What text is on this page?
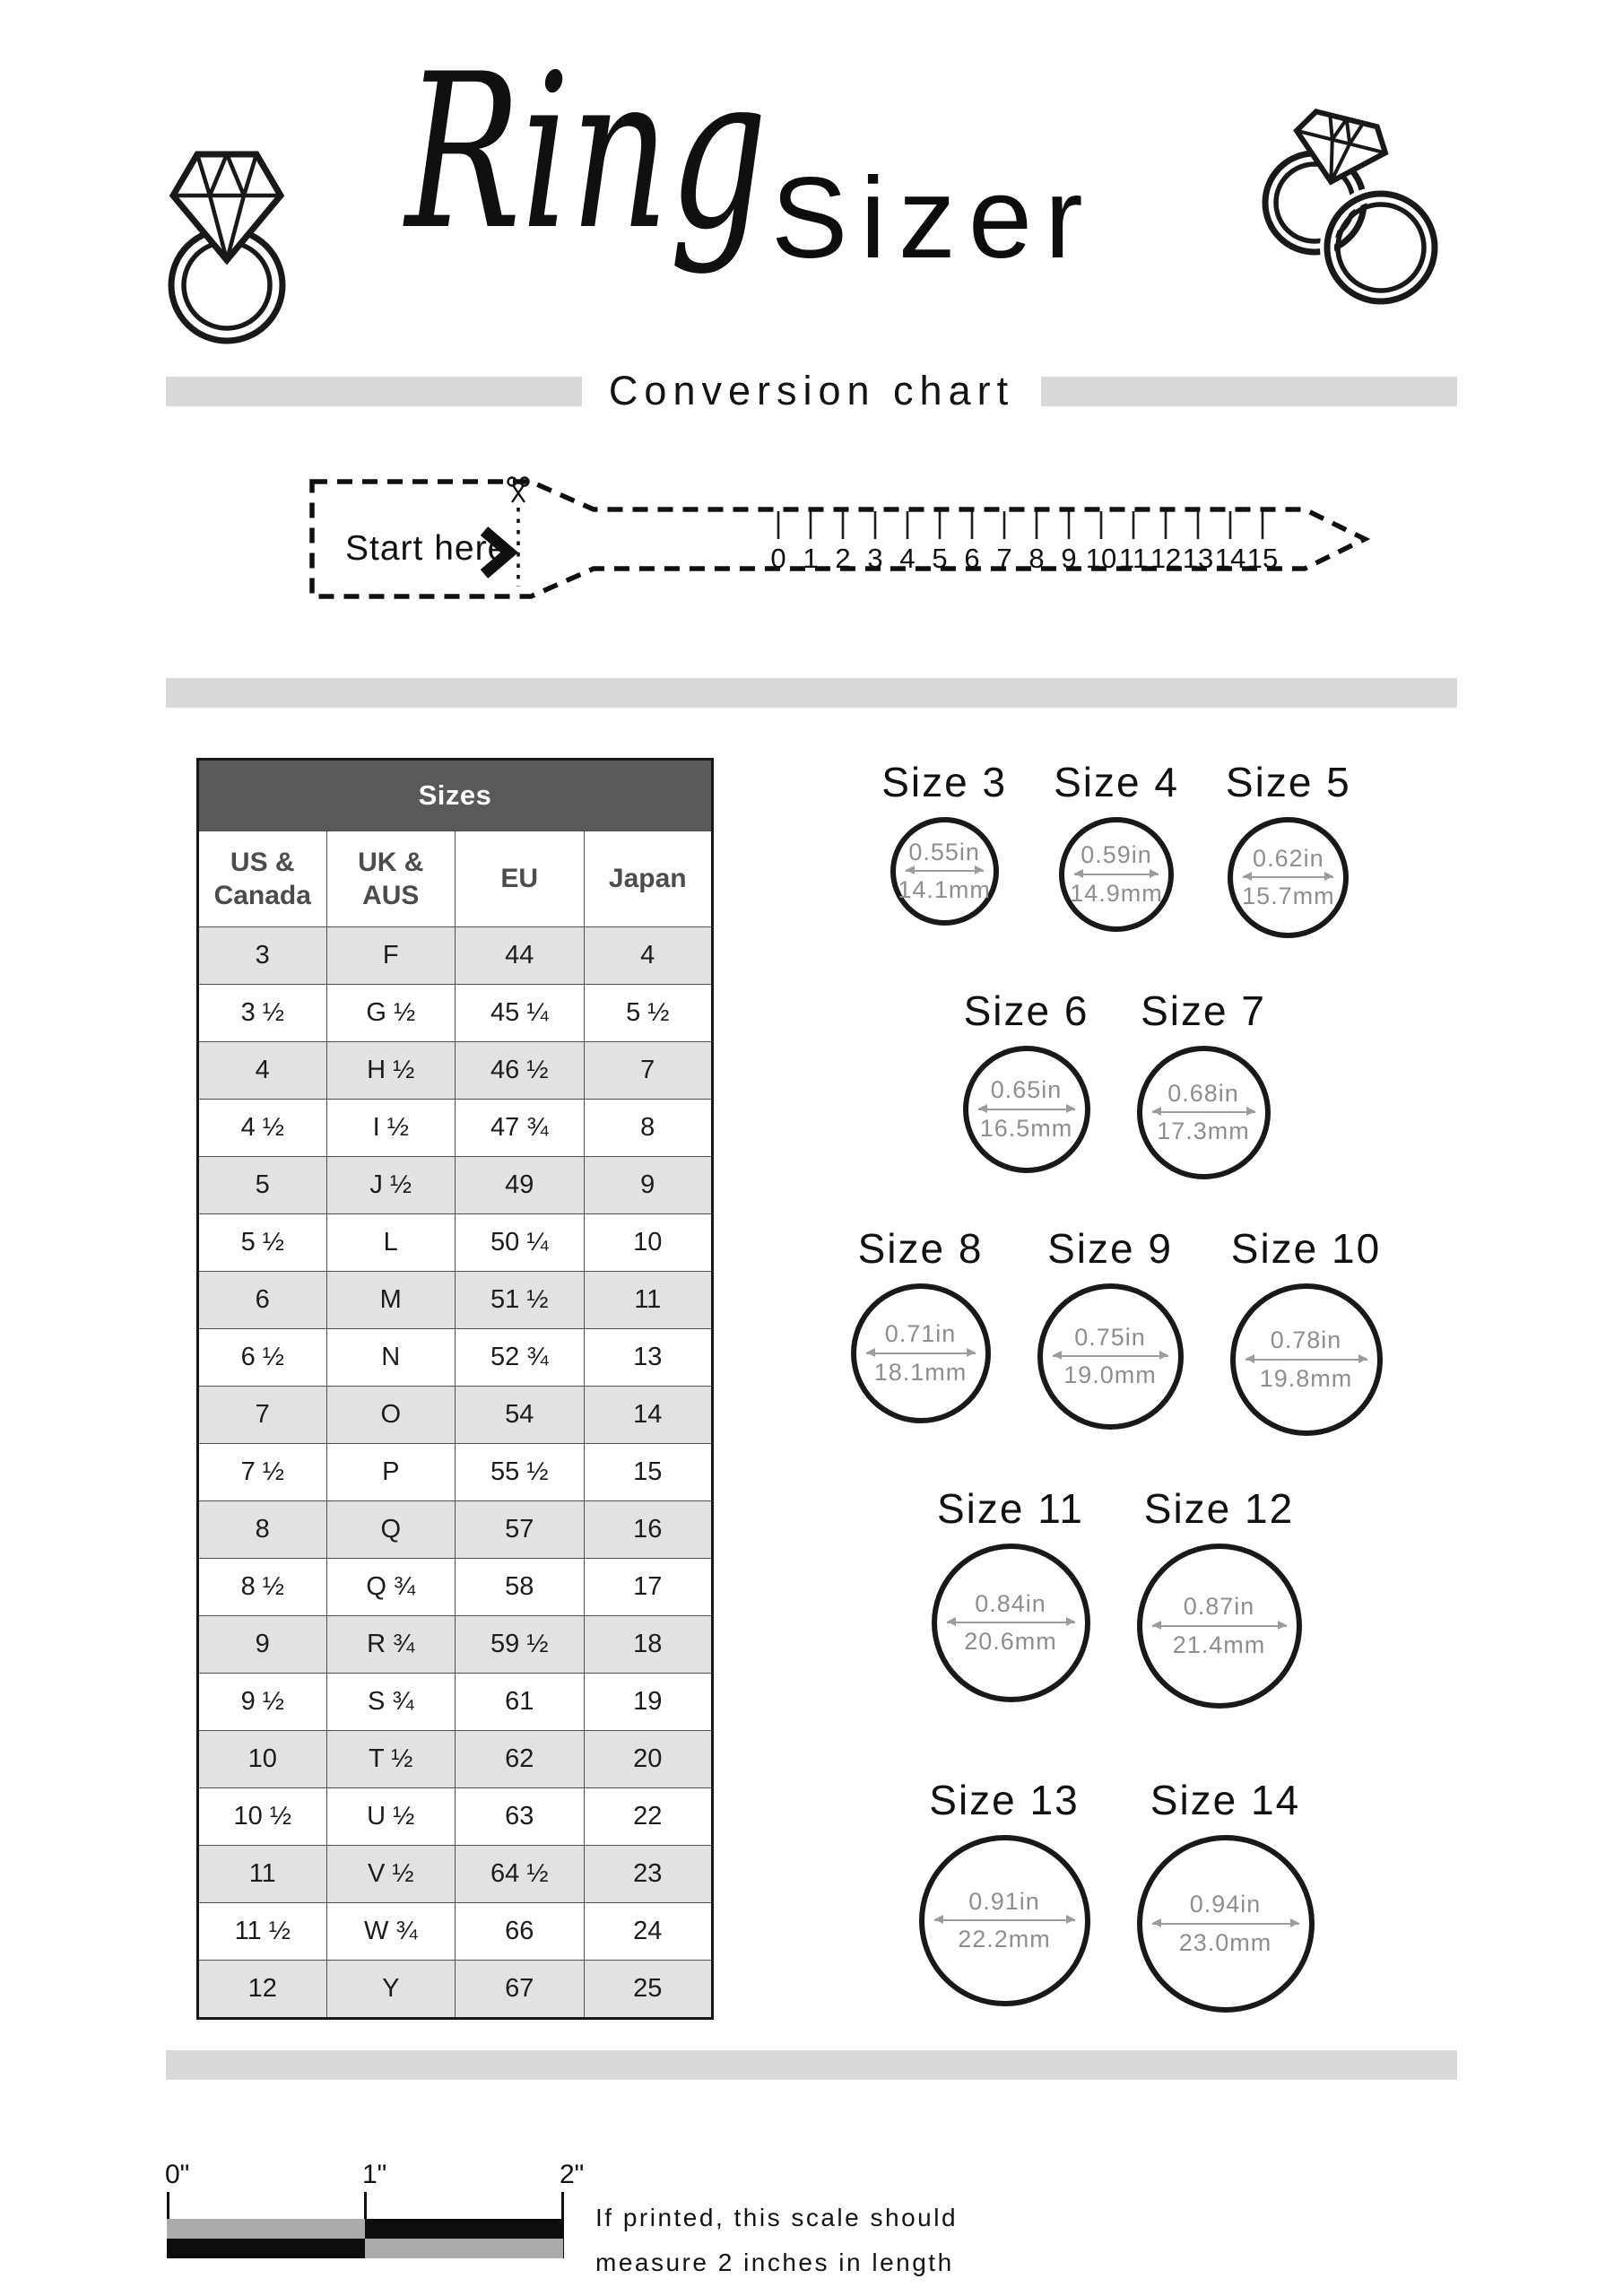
Ring Sizer
Conversion chart
Start here	0 1 2 3 4 5 6 7 8 9 10 11 12 13 14 15
Sizes			
US & Canada	UK & AUS	EU	Japan
3	F	44	4
3 ½	G ½	45 ¼	5 ½
4	H ½	46 ½	7
4 ½	I ½	47 ¾	8
5	J ½	49	9
5 ½	L	50 ¼	10
6	M	51 ½	11
6 ½	N	52 ¾	13
7	O	54	14
7 ½	P	55 ½	15
8	Q	57	16
8 ½	Q ¾	58	17
9	R ¾	59 ½	18
9 ½	S ¾	61	19
10	T ½	62	20
10 ½	U ½	63	22
11	V ½	64 ½	23
11 ½	W ¾	66	24
12	Y	67	25
Size 3
0.55in
14.1mm
Size 4
0.59in
14.9mm
Size 5
0.62in
15.7mm
Size 6
0.65in
16.5mm
Size 7
0.68in
17.3mm
Size 8
0.71in
18.1mm
Size 9
0.75in
19.0mm
Size 10
0.78in
19.8mm
Size 11
0.84in
20.6mm
Size 12
0.87in
21.4mm
Size 13
0.91in
22.2mm
Size 14
0.94in
23.0mm
0"	1"	2"
If printed, this scale should
measure 2 inches in length
